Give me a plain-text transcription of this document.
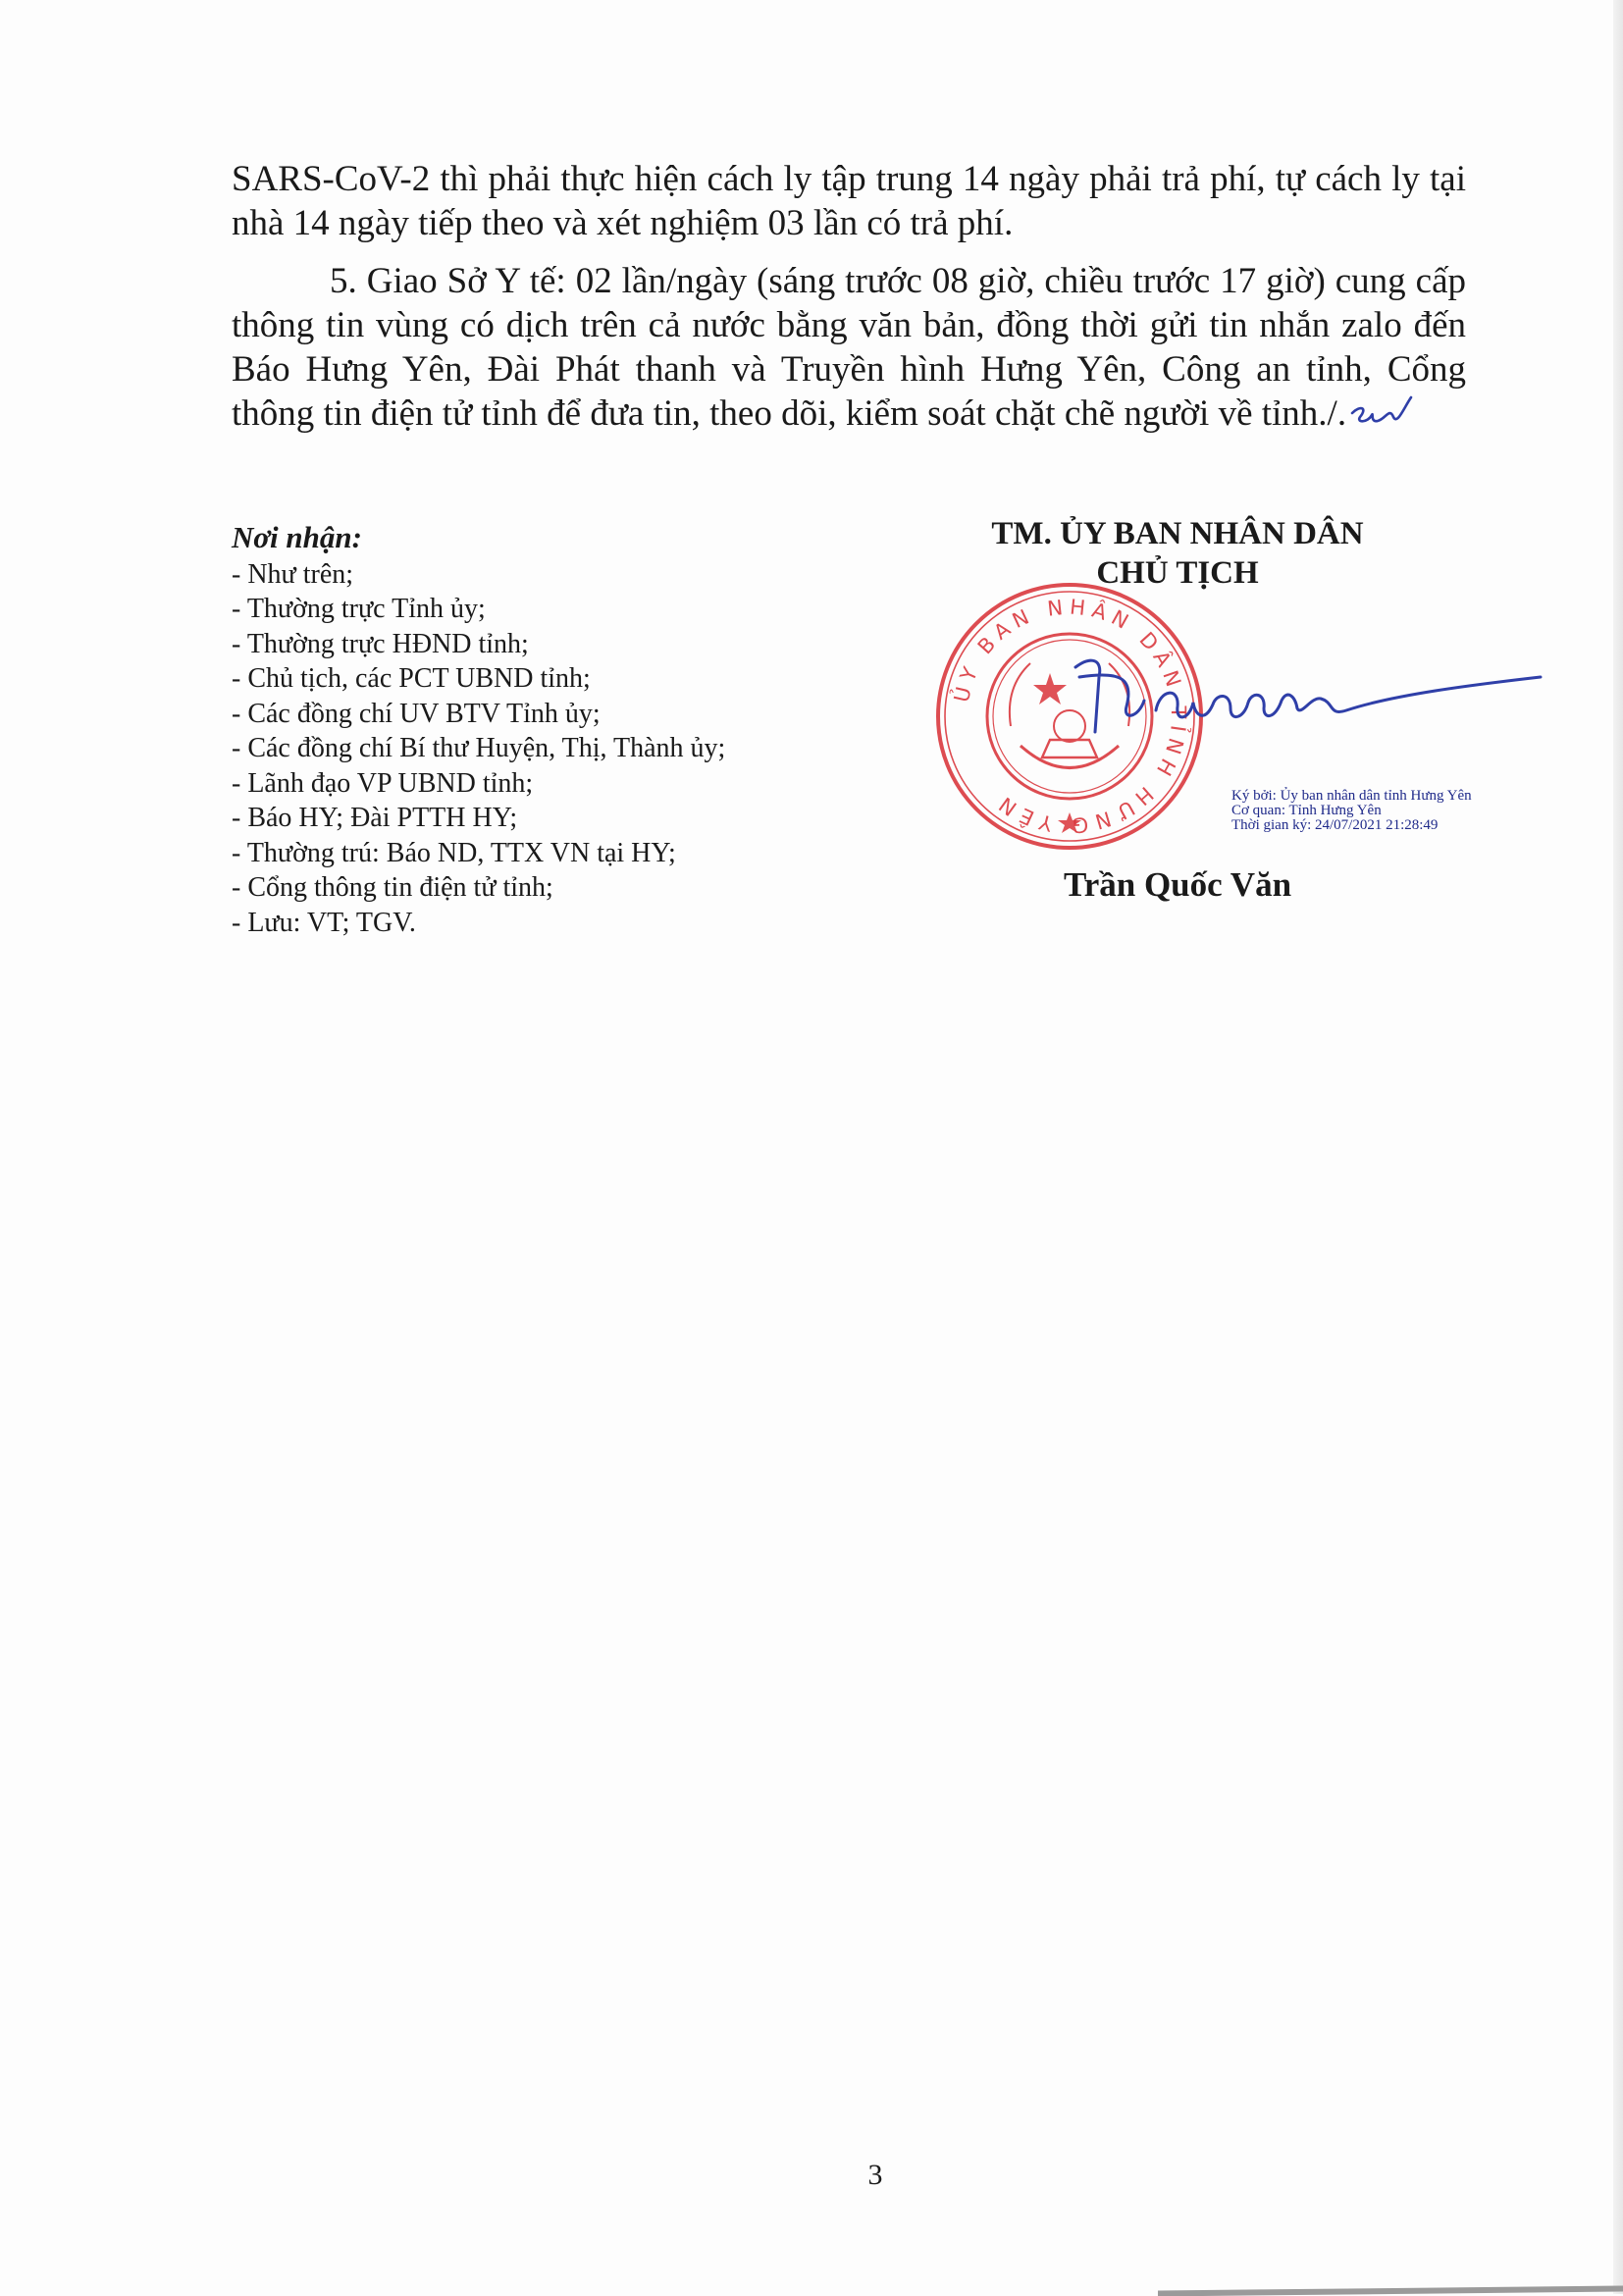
SARS-CoV-2 thì phải thực hiện cách ly tập trung 14 ngày phải trả phí, tự cách ly tại nhà 14 ngày tiếp theo và xét nghiệm 03 lần có trả phí.

5. Giao Sở Y tế: 02 lần/ngày (sáng trước 08 giờ, chiều trước 17 giờ) cung cấp thông tin vùng có dịch trên cả nước bằng văn bản, đồng thời gửi tin nhắn zalo đến Báo Hưng Yên, Đài Phát thanh và Truyền hình Hưng Yên, Công an tỉnh, Cổng thông tin điện tử tỉnh để đưa tin, theo dõi, kiểm soát chặt chẽ người về tỉnh./.

Nơi nhận:
- Như trên;
- Thường trực Tỉnh ủy;
- Thường trực HĐND tỉnh;
- Chủ tịch, các PCT UBND tỉnh;
- Các đồng chí UV BTV Tỉnh ủy;
- Các đồng chí Bí thư Huyện, Thị, Thành ủy;
- Lãnh đạo VP UBND tỉnh;
- Báo HY; Đài PTTH HY;
- Thường trú: Báo ND, TTX VN tại HY;
- Cổng thông tin điện tử tỉnh;
- Lưu: VT; TGV.
TM. ỦY BAN NHÂN DÂN
CHỦ TỊCH
ỦY BAN NHÂN DÂN TỈNH HƯNG YÊN	Ký bởi: Ủy ban nhân dân tỉnh Hưng Yên
Cơ quan: Tỉnh Hưng Yên
Thời gian ký: 24/07/2021 21:28:49
Trần Quốc Văn
3
